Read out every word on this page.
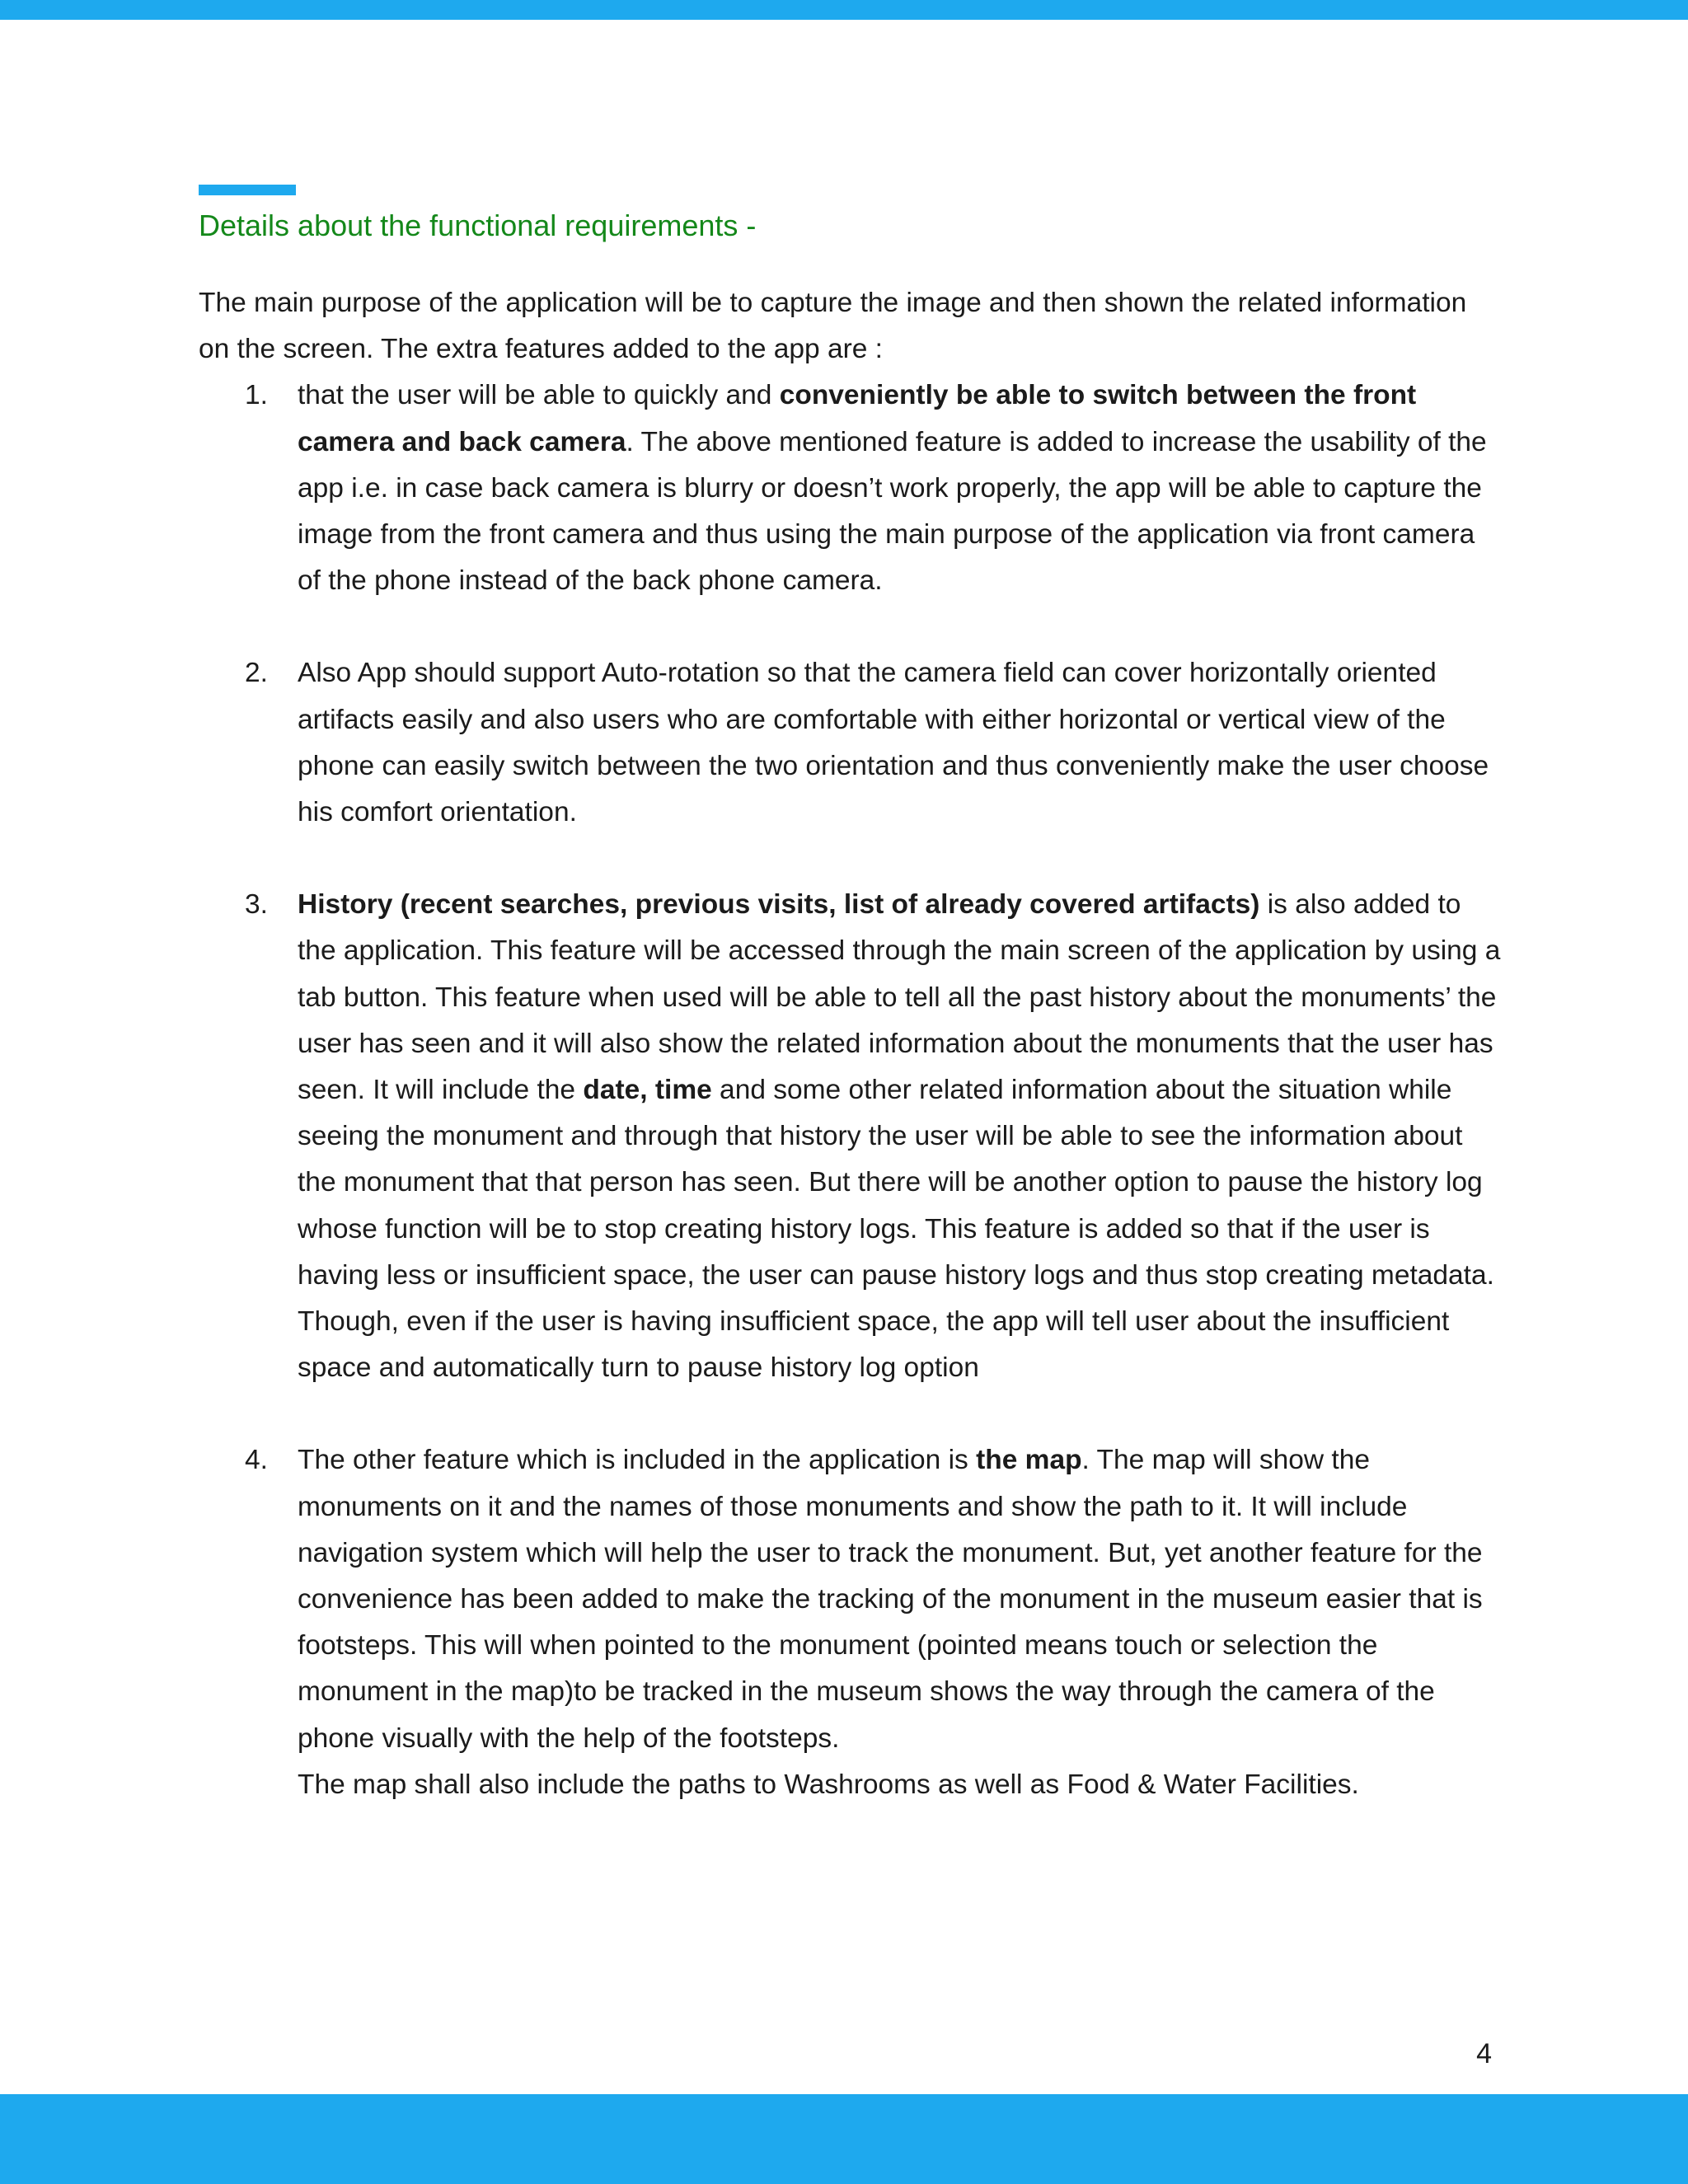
Details about the functional requirements -

The main purpose of the application will be to capture the image and then shown the related information on the screen. The extra features added to the app are :

1. that the user will be able to quickly and conveniently be able to switch between the front camera and back camera. The above mentioned feature is added to increase the usability of the app i.e. in case back camera is blurry or doesn’t work properly, the app will be able to capture the image from the front camera and thus using the main purpose of the application via front camera of the phone instead of the back phone camera.
2. Also App should support Auto-rotation so that the camera field can cover horizontally oriented artifacts easily and also users who are comfortable with either horizontal or vertical view of the phone can easily switch between the two orientation and thus conveniently make the user choose his comfort orientation.
3. History (recent searches, previous visits, list of already covered artifacts) is also added to the application. This feature will be accessed through the main screen of the application by using a tab button. This feature when used will be able to tell all the past history about the monuments’ the user has seen and it will also show the related information about the monuments that the user has seen. It will include the date, time and some other related information about the situation while seeing the monument and through that history the user will be able to see the information about the monument that that person has seen. But there will be another option to pause the history log whose function will be to stop creating history logs. This feature is added so that if the user is having less or insufficient space, the user can pause history logs and thus stop creating metadata. Though, even if the user is having insufficient space, the app will tell user about the insufficient space and automatically turn to pause history log option
4. The other feature which is included in the application is the map. The map will show the monuments on it and the names of those monuments and show the path to it. It will include navigation system which will help the user to track the monument. But, yet another feature for the convenience has been added to make the tracking of the monument in the museum easier that is footsteps. This will when pointed to the monument (pointed means touch or selection the monument in the map)to be tracked in the museum shows the way through the camera of the phone visually with the help of the footsteps.

The map shall also include the paths to Washrooms as well as Food & Water Facilities.

4
